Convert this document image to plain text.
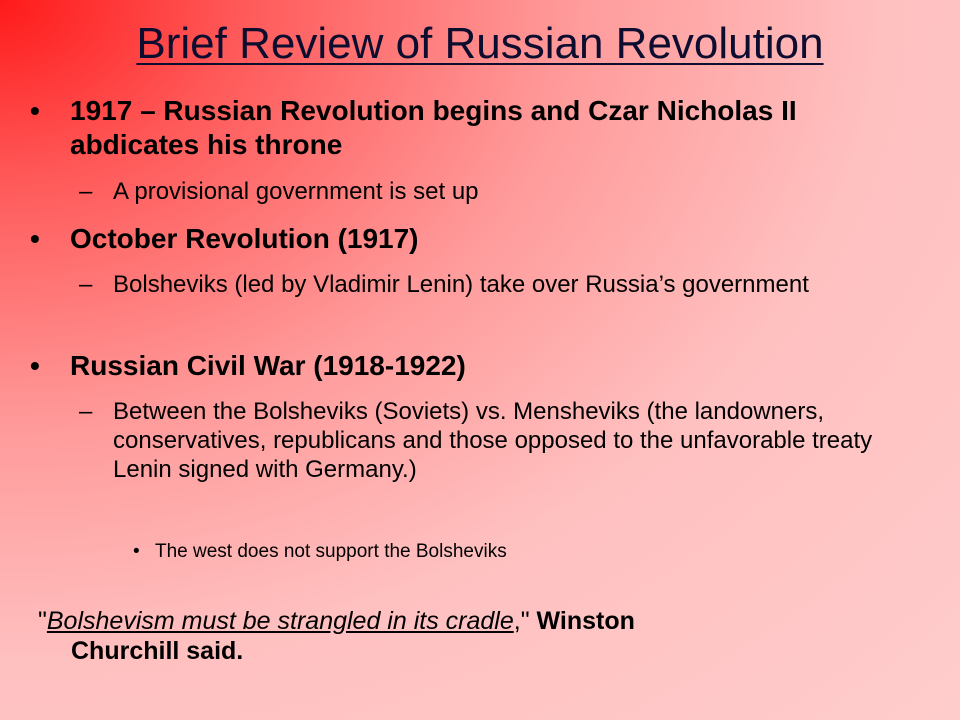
Brief Review of Russian Revolution
• 1917 – Russian Revolution begins and Czar Nicholas II abdicates his throne
– A provisional government is set up
• October Revolution (1917)
– Bolsheviks (led by Vladimir Lenin) take over Russia’s government
• Russian Civil War (1918-1922)
– Between the Bolsheviks (Soviets) vs. Mensheviks (the landowners, conservatives, republicans and those opposed to the unfavorable treaty Lenin signed with Germany.)
• The west does not support the Bolsheviks
"Bolshevism must be strangled in its cradle," Winston
Churchill said.
